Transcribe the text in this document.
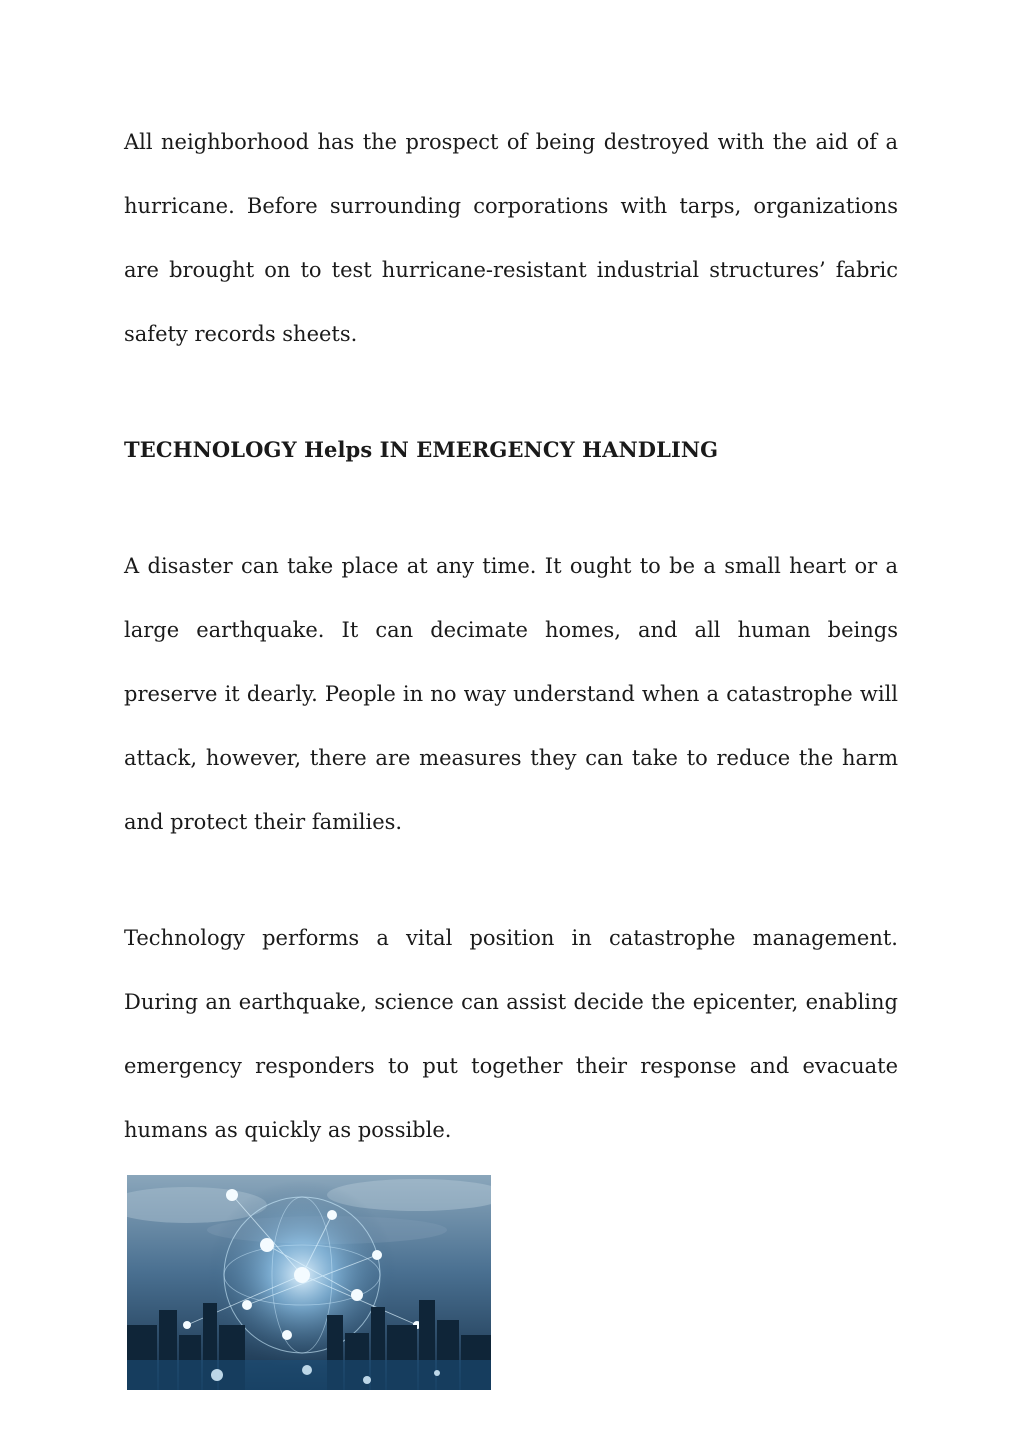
All neighborhood has the prospect of being destroyed with the aid of a hurricane. Before surrounding corporations with tarps, organizations are brought on to test hurricane-resistant industrial structures’ fabric safety records sheets.

TECHNOLOGY Helps IN EMERGENCY HANDLING

A disaster can take place at any time. It ought to be a small heart or a large earthquake. It can decimate homes, and all human beings preserve it dearly. People in no way understand when a catastrophe will attack, however, there are measures they can take to reduce the harm and protect their families.

Technology performs a vital position in catastrophe management. During an earthquake, science can assist decide the epicenter, enabling emergency responders to put together their response and evacuate humans as quickly as possible.
